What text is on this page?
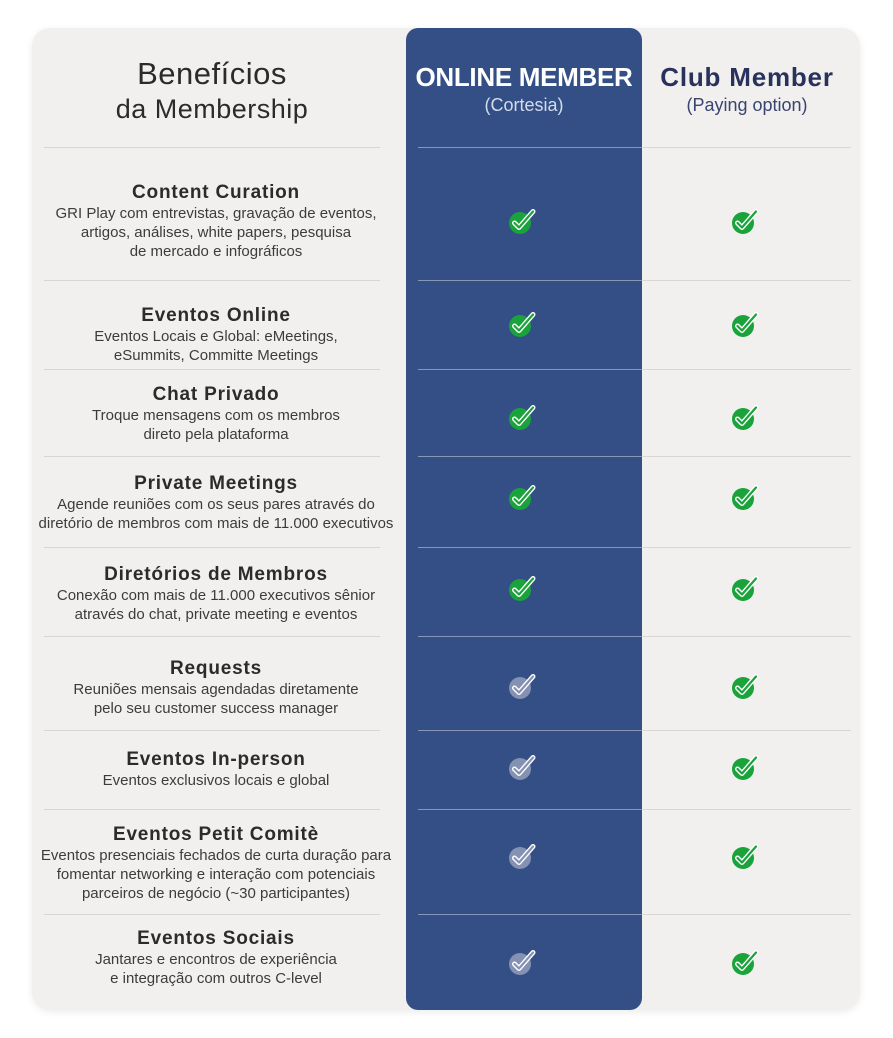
Benefícios
da Membership
ONLINE MEMBER
(Cortesia)
Club Member
(Paying option)
Content Curation
GRI Play com entrevistas, gravação de eventos,
artigos, análises, white papers, pesquisa
de mercado e infográficos
Eventos Online
Eventos Locais e Global: eMeetings,
eSummits, Committe Meetings
Chat Privado
Troque mensagens com os membros
direto pela plataforma
Private Meetings
Agende reuniões com os seus pares através do
diretório de membros com mais de 11.000 executivos
Diretórios de Membros
Conexão com mais de 11.000 executivos sênior
através do chat, private meeting e eventos
Requests
Reuniões mensais agendadas diretamente
pelo seu customer success manager
Eventos In-person
Eventos exclusivos locais e global
Eventos Petit Comitè
Eventos presenciais fechados de curta duração para
fomentar networking e interação com potenciais
parceiros de negócio (~30 participantes)
Eventos Sociais
Jantares e encontros de experiência
e integração com outros C-level
